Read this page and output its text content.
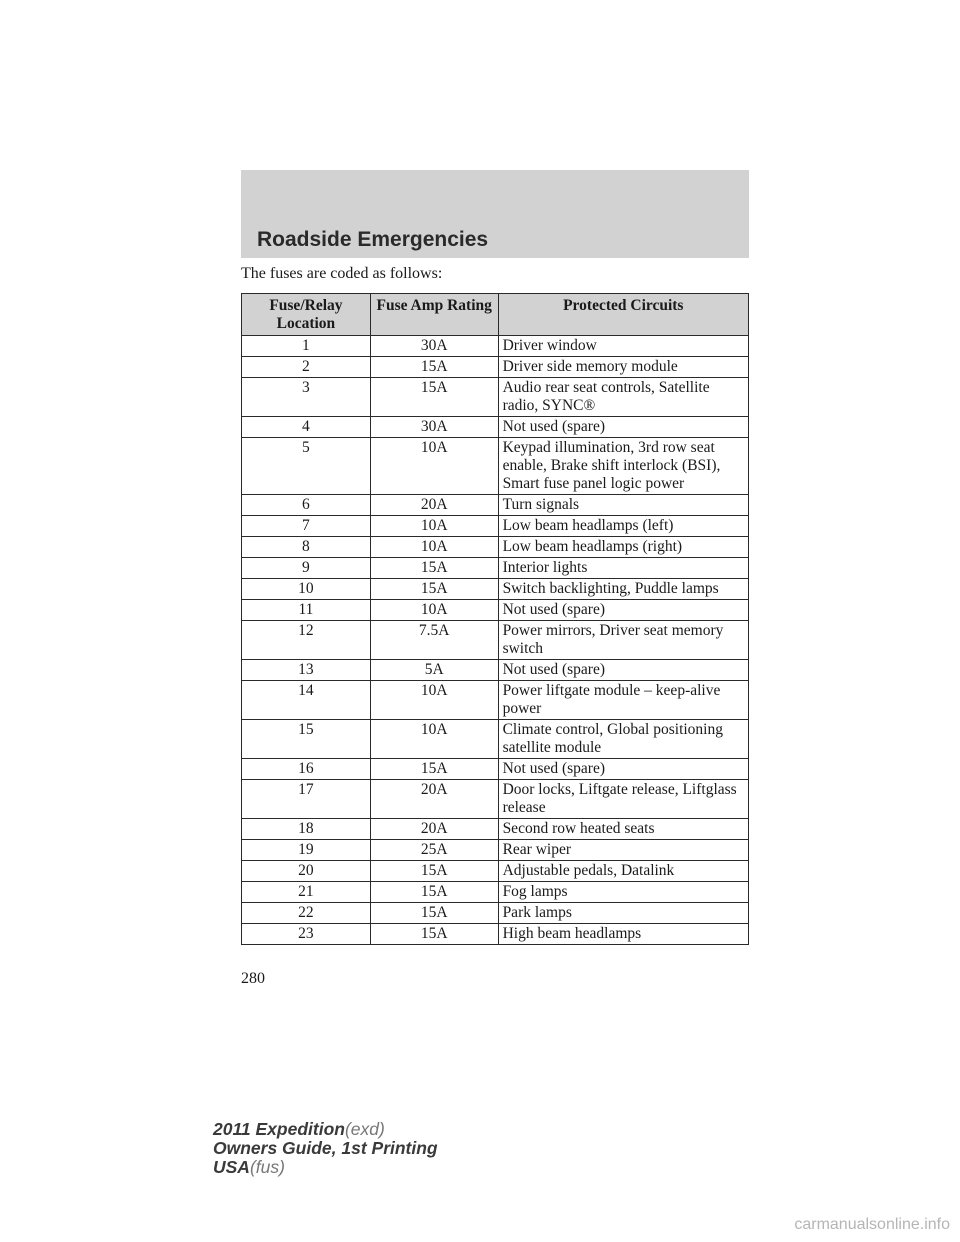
Roadside Emergencies
The fuses are coded as follows:
Fuse/Relay Location	Fuse Amp Rating	Protected Circuits
1	30A	Driver window
2	15A	Driver side memory module
3	15A	Audio rear seat controls, Satellite radio, SYNC®
4	30A	Not used (spare)
5	10A	Keypad illumination, 3rd row seat enable, Brake shift interlock (BSI), Smart fuse panel logic power
6	20A	Turn signals
7	10A	Low beam headlamps (left)
8	10A	Low beam headlamps (right)
9	15A	Interior lights
10	15A	Switch backlighting, Puddle lamps
11	10A	Not used (spare)
12	7.5A	Power mirrors, Driver seat memory switch
13	5A	Not used (spare)
14	10A	Power liftgate module – keep-alive power
15	10A	Climate control, Global positioning satellite module
16	15A	Not used (spare)
17	20A	Door locks, Liftgate release, Liftglass release
18	20A	Second row heated seats
19	25A	Rear wiper
20	15A	Adjustable pedals, Datalink
21	15A	Fog lamps
22	15A	Park lamps
23	15A	High beam headlamps
280
2011 Expedition(exd)
Owners Guide, 1st Printing
USA(fus)
carmanualsonline.info
